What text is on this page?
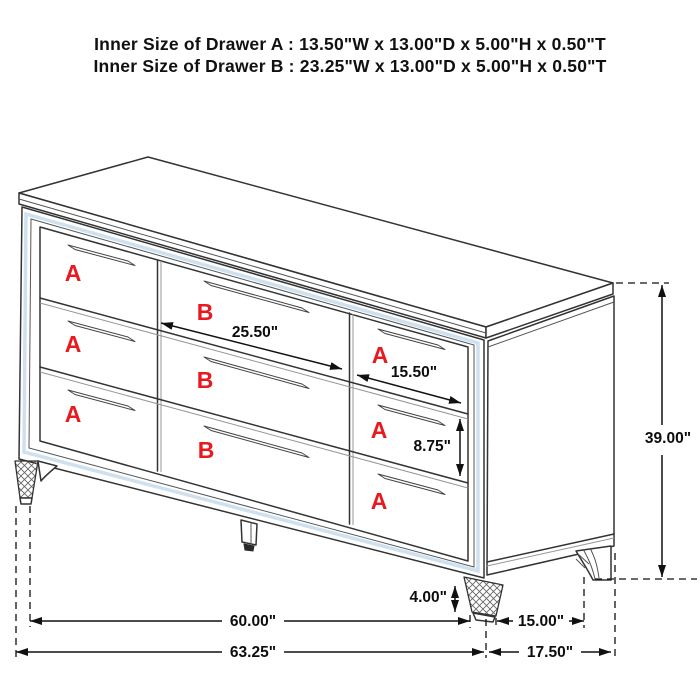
Inner Size of Drawer A : 13.50"W x 13.00"D x 5.00"H x 0.50"T
Inner Size of Drawer B : 23.25"W x 13.00"D x 5.00"H x 0.50"T
A
A
A
B
B
B
A
A
A
25.50"
15.50"
8.75"	39.00"
4.00"
60.00"	15.00"
63.25"	17.50"
